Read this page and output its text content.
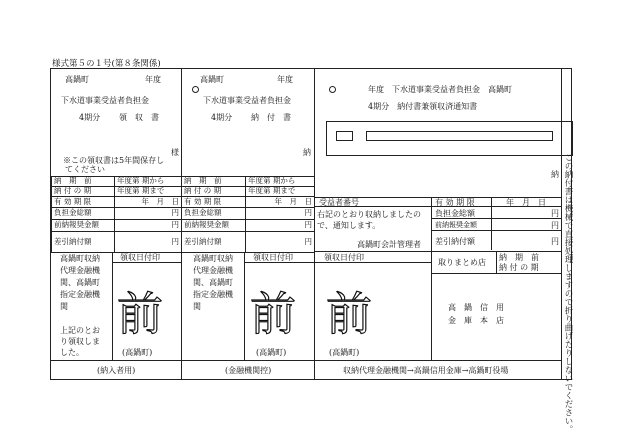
様式第５の１号(第８条関係)
高鍋町	年度
下水道事業受益者負担金
4期分 領　収　書
様
※この領収書は5年間保存し
てください
納　期　前	年度第 期から
納 付 の 期	年度第 期まで
有 効 期 限	年　月　日
負担金総額	円
前納報奨金額	円
差引納付額	円
高鍋町収納
代理金融機
関、高鍋町
指定金融機
関
領収日付印
前
上記のとお
り領収しま
した。	(高鍋町)
(納入者用)
高鍋町	年度
下水道事業受益者負担金
4期分 納　付　書
納
納　期　前	年度第 期から
納 付 の 期	年度第 期まで
有 効 期 限	年　月　日
負担金総額	円
前納報奨金額	円
差引納付額	円
高鍋町収納
代理金融機
関、高鍋町
指定金融機
関
領収日付印
前
(高鍋町)
(金融機関控)
年度　下水道事業受益者負担金　高鍋町
4期分　納付書兼領収済通知書
納
受益者番号	有 効 期 限	年　月　日
右記のとおり収納しましたの
で、通知します。
負担金総額	円
前納報奨金額	円
高鍋町会計管理者 差引納付額	円
領収日付印
取りまとめ店
納　期　前
納 付 の 期
前	高　鍋　信　用
金　庫　本　店
(高鍋町)
収納代理金融機関→高鍋信用金庫→高鍋町役場	この納付書は機械で直接処理しますので折り曲げたりしないでください。
